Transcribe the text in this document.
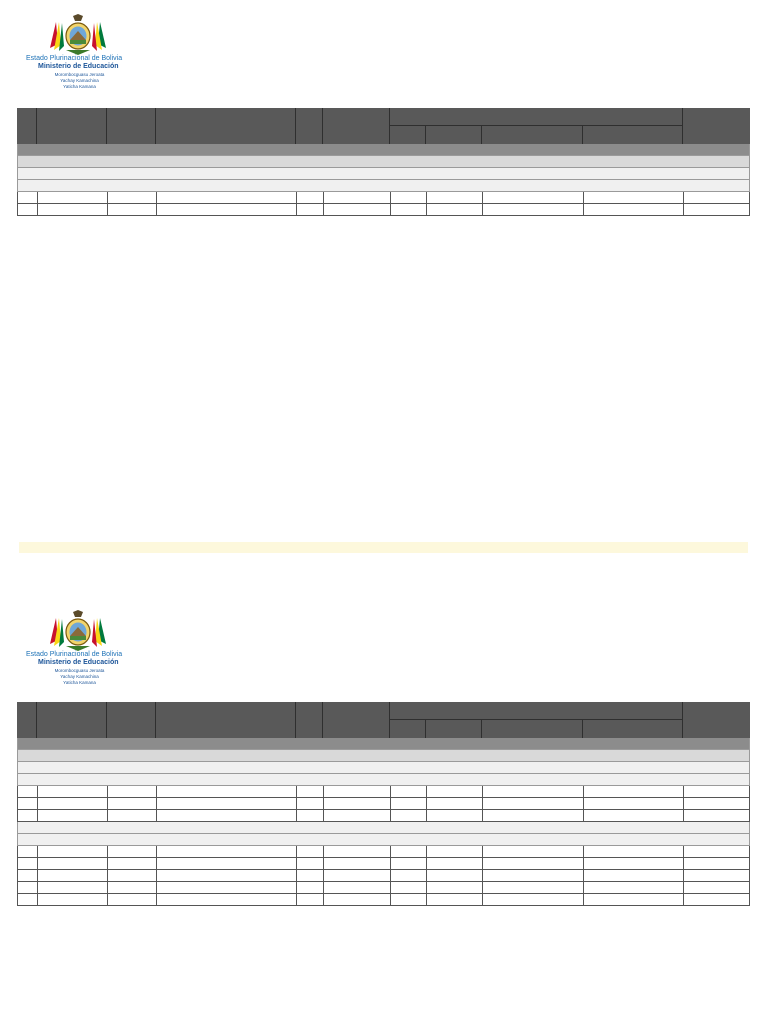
Estado Plurinacional de Bolivia
Ministerio de Educación
Morombocguasu Jeroata
Yachay Kamachina
Yaticha Kamana
Estado Plurinacional de Bolivia
Ministerio de Educación
Morombocguasu Jeroata
Yachay Kamachina
Yaticha Kamana
